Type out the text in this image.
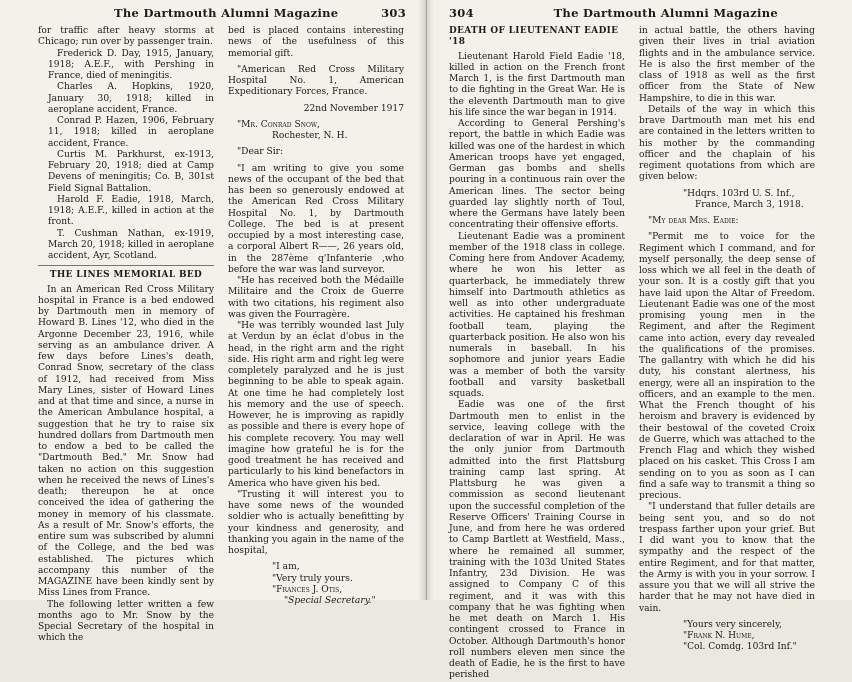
The Dartmouth Alumni Magazine	303

for traffic after heavy storms at Chicago; run over by passenger train.

Frederick D. Day, 1915, January, 1918; A.E.F., with Pershing in France, died of meningitis.

Charles A. Hopkins, 1920, January 30, 1918; killed in aeroplane accident, France.

Conrad P. Hazen, 1906, February 11, 1918; killed in aeroplane accident, France.

Curtis M. Parkhurst, ex-1913, February 20, 1918; died at Camp Devens of meningitis; Co. B, 301st Field Signal Battalion.

Harold F. Eadie, 1918, March, 1918; A.E.F., killed in action at the front.

T. Cushman Nathan, ex-1919, March 20, 1918; killed in aeroplane accident, Ayr, Scotland.

THE LINES MEMORIAL BED

In an American Red Cross Military hospital in France is a bed endowed by Dartmouth men in memory of Howard B. Lines '12, who died in the Argonne December 23, 1916, while serving as an ambulance driver. A few days before Lines's death, Conrad Snow, secretary of the class of 1912, had received from Miss Mary Lines, sister of Howard Lines and at that time and since, a nurse in the American Ambulance hospital, a suggestion that he try to raise six hundred dollars from Dartmouth men to endow a bed to be called the "Dartmouth Bed." Mr. Snow had taken no action on this suggestion when he received the news of Lines's death; thereupon he at once conceived the idea of gathering the money in memory of his classmate. As a result of Mr. Snow's efforts, the entire sum was subscribed by alumni of the College, and the bed was established. The pictures which accompany this number of the MAGAZINE have been kindly sent by Miss Lines from France.

The following letter written a few months ago to Mr. Snow by the Special Secretary of the hospital in which the

bed is placed contains interesting news of the usefulness of this memorial gift.

"American Red Cross Military Hospital No. 1, American Expeditionary Forces, France.

22nd November 1917

"Mr. Conrad Snow,

Rochester, N. H.

"Dear Sir:

"I am writing to give you some news of the occupant of the bed that has been so generously endowed at the American Red Cross Military Hospital No. 1, by Dartmouth College. The bed is at present occupied by a most interesting case, a corporal Albert R——, 26 years old, in the 287ème q'Infanterie ,who before the war was land surveyor.

"He has received both the Médaille Militaire and the Croix de Guerre with two citations, his regiment also was given the Fourragère.

"He was terribly wounded last July at Verdun by an éclat d'obus in the head, in the right arm and the right side. His right arm and right leg were completely paralyzed and he is just beginning to be able to speak again. At one time he had completely lost his memory and the use of speech. However, he is improving as rapidly as possible and there is every hope of his complete recovery. You may well imagine how grateful he is for the good treatment he has received and particularly to his kind benefactors in America who have given his bed.

"Trusting it will interest you to have some news of the wounded soldier who is actually benefitting by your kindness and generosity, and thanking you again in the name of the hospital,

"I am,

"Very truly yours.

"Frances J. Otis,

"Special Secretary."

304	The Dartmouth Alumni Magazine
DEATH OF LIEUTENANT EADIE '18

Lieutenant Harold Field Eadie '18, killed in action on the French front March 1, is the first Dartmouth man to die fighting in the Great War. He is the eleventh Dartmouth man to give his life since the war began in 1914.

According to General Pershing's report, the battle in which Eadie was killed was one of the hardest in which American troops have yet engaged, German gas bombs and shells pouring in a continuous rain over the American lines. The sector being guarded lay slightly north of Toul, where the Germans have lately been concentrating their offensive efforts.

Lieutenant Eadie was a prominent member of the 1918 class in college. Coming here from Andover Academy, where he won his letter as quarterback, he immediately threw himself into Dartmouth athletics as well as into other undergraduate activities. He captained his freshman football team, playing the quarterback position. He also won his numerals in baseball. In his sophomore and junior years Eadie was a member of both the varsity football and varsity basketball squads.

Eadie was one of the first Dartmouth men to enlist in the service, leaving college with the declaration of war in April. He was the only junior from Dartmouth admitted into the first Plattsburg training camp last spring. At Plattsburg he was given a commission as second lieutenant upon the successful completion of the Reserve Officers' Training Course in June, and from here he was ordered to Camp Bartlett at Westfield, Mass., where he remained all summer, training with the 103d United States Infantry, 23d Division. He was assigned to Company C of this regiment, and it was with this company that he was fighting when he met death on March 1. His contingent crossed to France in October. Although Dartmouth's honor roll numbers eleven men since the death of Eadie, he is the first to have perished

in actual battle, the others having given their lives in trial aviation flights and in the ambulance service. He is also the first member of the class of 1918 as well as the first officer from the State of New Hampshire, to die in this war.

Details of the way in which this brave Dartmouth man met his end are contained in the letters written to his mother by the commanding officer and the chaplain of his regiment quotations from which are given below:

"Hdqrs. 103rd U. S. Inf.,

France, March 3, 1918.

"My dear Mrs. Eadie:

"Permit me to voice for the Regiment which I command, and for myself personally, the deep sense of loss which we all feel in the death of your son. It is a costly gift that you have laid upon the Altar of Freedom. Lieutenant Eadie was one of the most promising young men in the Regiment, and after the Regiment came into action, every day revealed the qualifications of the promises. The gallantry with which he did his duty, his constant alertness, his energy, were all an inspiration to the officers, and an example to the men. What the French thought of his heroism and bravery is evidenced by their bestowal of the coveted Croix de Guerre, which was attached to the French Flag and which they wished placed on his casket. This Cross I am sending on to you as soon as I can find a safe way to transmit a thing so precious.

"I understand that fuller details are being sent you, and so do not trespass farther upon your grief. But I did want you to know that the sympathy and the respect of the entire Regiment, and for that matter, the Army is with you in your sorrow. I assure you that we will all strive the harder that he may not have died in vain.

"Yours very sincerely,

"Frank N. Hume,

"Col. Comdg. 103rd Inf."
